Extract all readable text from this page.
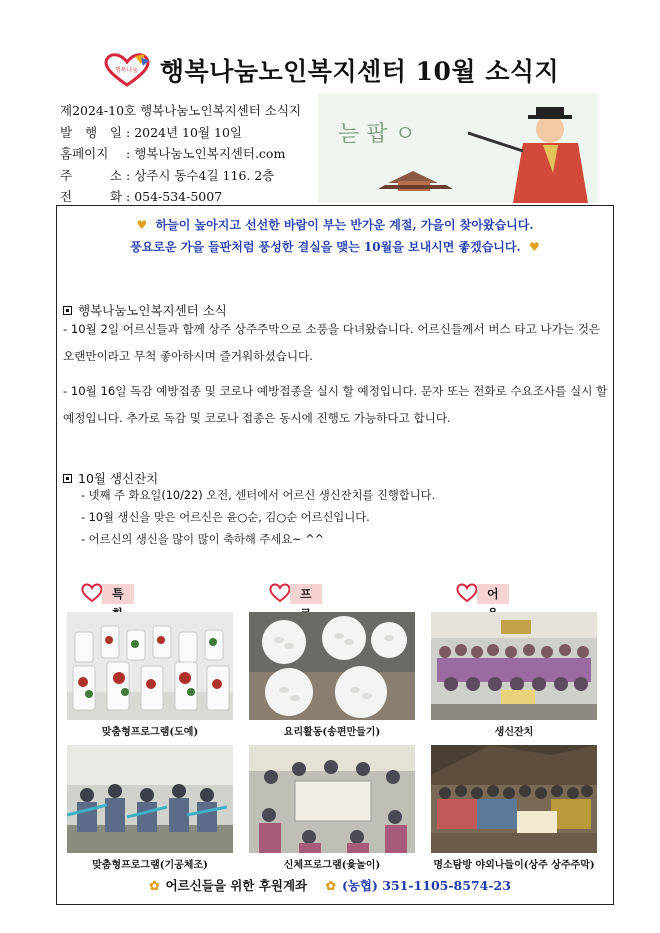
행복나눔 행복나눔노인복지센터 10월 소식지
제2024-10호 행복나눔노인복지센터 소식지
발 행 일 : 2024년 10월 10일
홈페이지	: 행복나눔노인복지센터.com
주 소 : 상주시 동수4길 116. 2층
전 화 : 054-534-5007
늗 팝 ㅇ
♥ 하늘이 높아지고 선선한 바람이 부는 반가운 계절, 가을이 찾아왔습니다.
풍요로운 가을 들판처럼 풍성한 결실을 맺는 10월을 보내시면 좋겠습니다. ♥
행복나눔노인복지센터 소식
- 10월 2일 어르신들과 함께 상주 상주주막으로 소풍을 다녀왔습니다. 어르신들께서 버스 타고 나가는 것은 오랜만이라고 무척 좋아하시며 즐거워하셨습니다.
- 10월 16일 독감 예방접종 및 코로나 예방접종을 실시 할 예정입니다. 문자 또는 전화로 수요조사를 실시 할 예정입니다. 추가로 독감 및 코로나 접종은 동시에 진행도 가능하다고 합니다.
10월 생신잔치
- 넷째 주 화요일(10/22) 오전, 센터에서 어르신 생신잔치를 진행합니다.
- 10월 생신을 맞은 어르신은 윤○순, 김○순 어르신입니다.
- 어르신의 생신을 많이 많이 축하해 주세요~ ^^
특	프	어
맞춤형프로그램(도예)	요리활동(송편만들기)	생신잔치
맞춤형프로그램(기공체조)	신체프로그램(윷놀이)	명소탐방 야외나들이(상주 상주주막)
✿ 어르신들을 위한 후원계좌 ✿ (농협) 351-1105-8574-23
